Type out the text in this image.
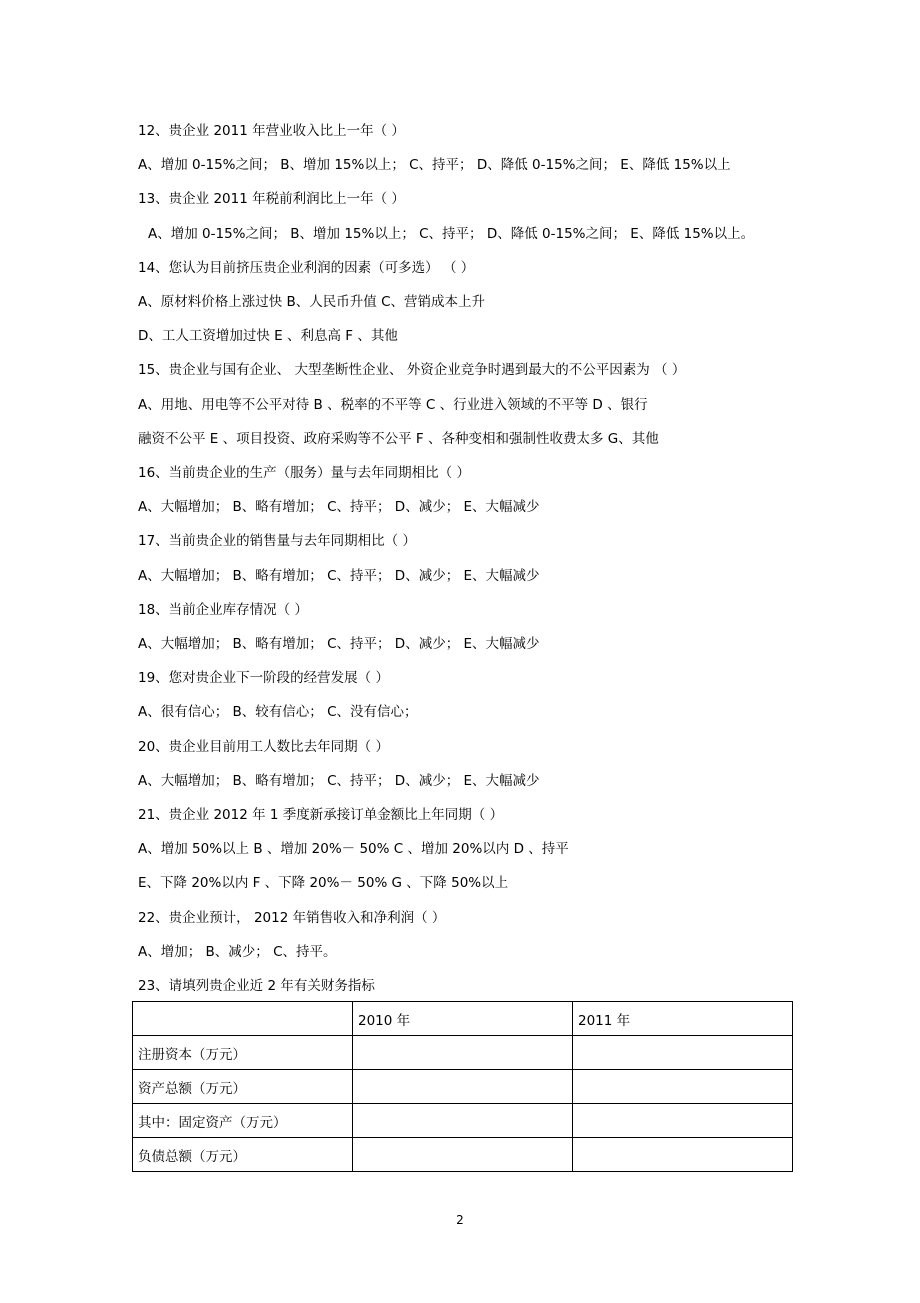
12、贵企业 2011 年营业收入比上一年（ ）
A、增加 0-15%之间； B、增加 15%以上； C、持平； D、降低 0-15%之间； E、降低 15%以上
13、贵企业 2011 年税前利润比上一年（ ）
A、增加 0-15%之间； B、增加 15%以上； C、持平； D、降低 0-15%之间； E、降低 15%以上。
14、您认为目前挤压贵企业利润的因素（可多选） （ ）
A、原材料价格上涨过快 B、人民币升值 C、营销成本上升
D、工人工资增加过快 E 、利息高 F 、其他
15、贵企业与国有企业、 大型垄断性企业、 外资企业竞争时遇到最大的不公平因素为 （ ）
A、用地、用电等不公平对待 B 、税率的不平等 C 、行业进入领域的不平等 D 、银行
融资不公平 E 、项目投资、政府采购等不公平 F 、各种变相和强制性收费太多 G、其他
16、当前贵企业的生产（服务）量与去年同期相比（ ）
A、大幅增加； B、略有增加； C、持平； D、减少； E、大幅减少
17、当前贵企业的销售量与去年同期相比（ ）
A、大幅增加； B、略有增加； C、持平； D、减少； E、大幅减少
18、当前企业库存情况（ ）
A、大幅增加； B、略有增加； C、持平； D、减少； E、大幅减少
19、您对贵企业下一阶段的经营发展（ ）
A、很有信心； B、较有信心； C、没有信心；
20、贵企业目前用工人数比去年同期（ ）
A、大幅增加； B、略有增加； C、持平； D、减少； E、大幅减少
21、贵企业 2012 年 1 季度新承接订单金额比上年同期（ ）
A、增加 50%以上 B 、增加 20%－ 50% C 、增加 20%以内 D 、持平
E、下降 20%以内 F 、下降 20%－ 50% G 、下降 50%以上
22、贵企业预计， 2012 年销售收入和净利润（ ）
A、增加； B、减少； C、持平。
23、请填列贵企业近 2 年有关财务指标
	2010 年	2011 年
注册资本（万元）		
资产总额（万元）		
其中：固定资产（万元）		
负债总额（万元）		
2
